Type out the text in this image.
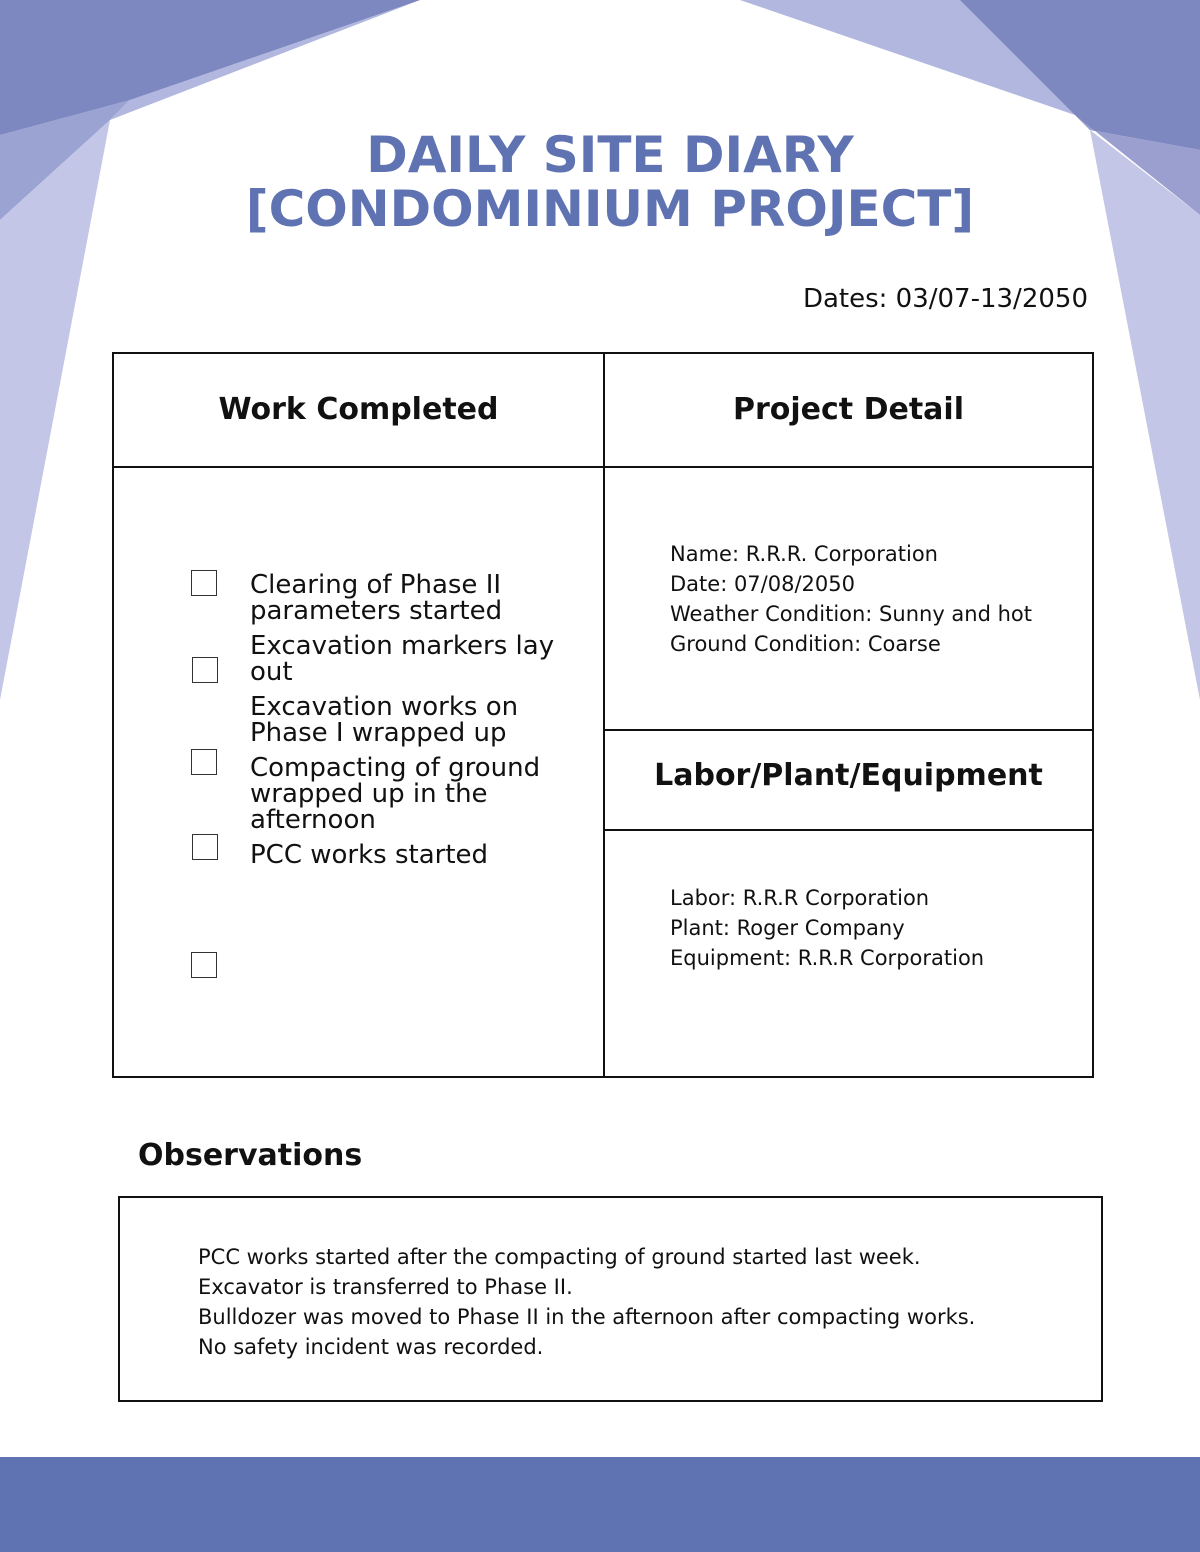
DAILY SITE DIARY
[CONDOMINIUM PROJECT]
Dates: 03/07-13/2050
Work Completed	Project Detail
Labor/Plant/Equipment
Clearing of Phase II parameters started
Excavation markers lay out
Excavation works on Phase I wrapped up
Compacting of ground wrapped up in the afternoon
PCC works started
Name: R.R.R. Corporation
Date: 07/08/2050
Weather Condition: Sunny and hot
Ground Condition: Coarse
Labor: R.R.R Corporation
Plant: Roger Company
Equipment: R.R.R Corporation
Observations
PCC works started after the compacting of ground started last week.
Excavator is transferred to Phase II.
Bulldozer was moved to Phase II in the afternoon after compacting works.
No safety incident was recorded.
